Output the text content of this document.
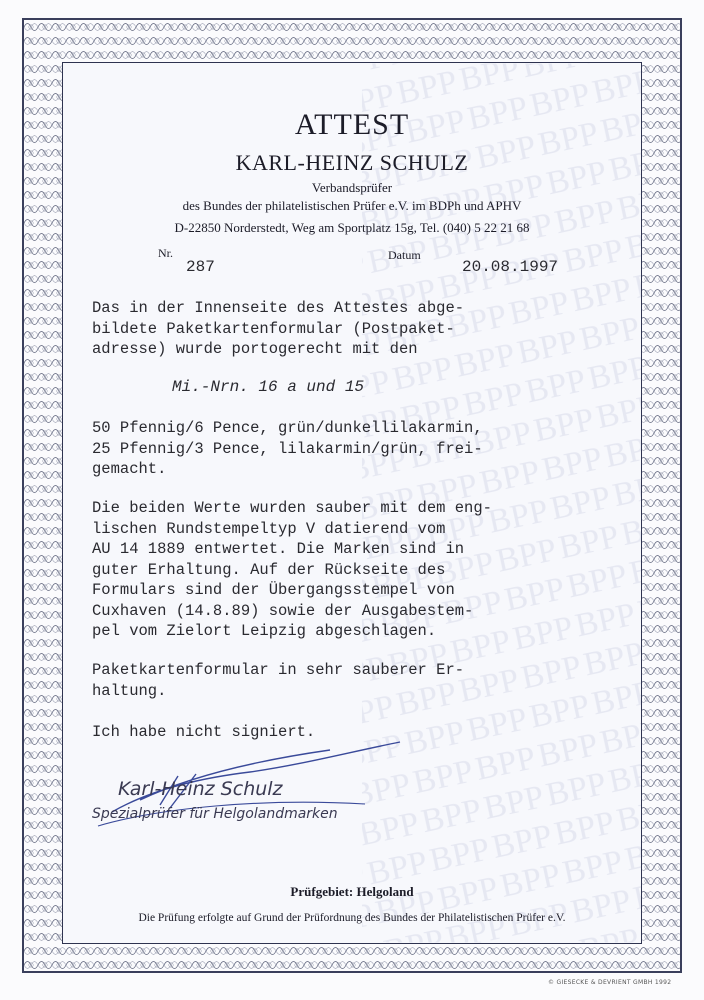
ATTEST
KARL-HEINZ SCHULZ
Verbandsprüfer
des Bundes der philatelistischen Prüfer e.V. im BDPh und APHV
D-22850 Norderstedt, Weg am Sportplatz 15g, Tel. (040) 5 22 21 68
Nr.
287
Datum
20.08.1997
Das in der Innenseite des Attestes abge-
bildete Paketkartenformular (Postpaket-
adresse) wurde portogerecht mit den
Mi.-Nrn. 16 a und 15
50 Pfennig/6 Pence, grün/dunkellilakarmin,
25 Pfennig/3 Pence, lilakarmin/grün, frei-
gemacht.
Die beiden Werte wurden sauber mit dem eng-
lischen Rundstempeltyp V datierend vom
AU 14 1889 entwertet. Die Marken sind in
guter Erhaltung. Auf der Rückseite des
Formulars sind der Übergangsstempel von
Cuxhaven (14.8.89) sowie der Ausgabestem-
pel vom Zielort Leipzig abgeschlagen.
Paketkartenformular in sehr sauberer Er-
haltung.
Ich habe nicht signiert.
Karl-Heinz Schulz
Spezialprüfer für Helgolandmarken
Prüfgebiet: Helgoland
Die Prüfung erfolgte auf Grund der Prüfordnung des Bundes der Philatelistischen Prüfer e.V.
© GIESECKE & DEVRIENT GMBH 1992
